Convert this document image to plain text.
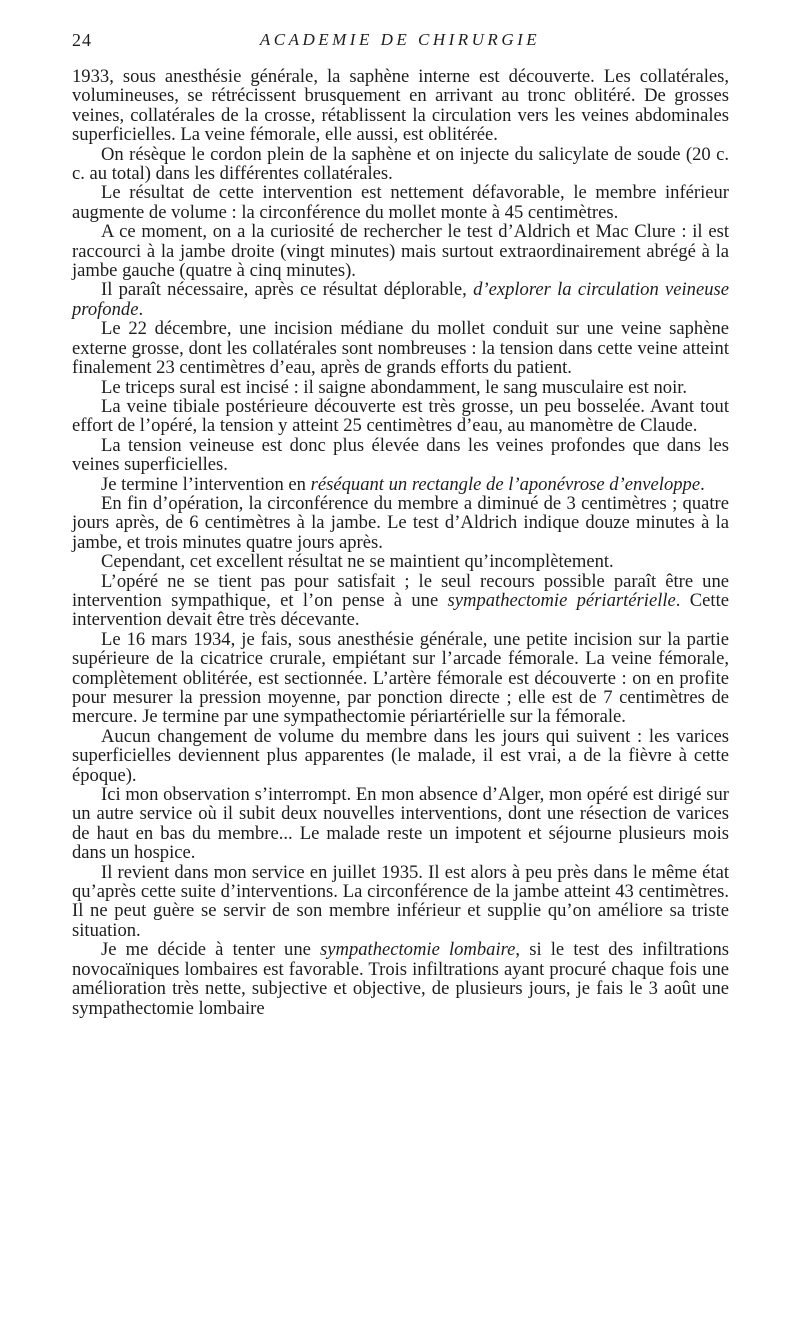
24	ACADEMIE DE CHIRURGIE

1933, sous anesthésie générale, la saphène interne est découverte. Les collatérales, volumineuses, se rétrécissent brusquement en arrivant au tronc oblitéré. De grosses veines, collatérales de la crosse, rétablissent la circulation vers les veines abdominales superficielles. La veine fémorale, elle aussi, est oblitérée.

On résèque le cordon plein de la saphène et on injecte du salicylate de soude (20 c. c. au total) dans les différentes collatérales.

Le résultat de cette intervention est nettement défavorable, le membre inférieur augmente de volume : la circonférence du mollet monte à 45 centimètres.

A ce moment, on a la curiosité de rechercher le test d’Aldrich et Mac Clure : il est raccourci à la jambe droite (vingt minutes) mais surtout extraordinairement abrégé à la jambe gauche (quatre à cinq minutes).

Il paraît nécessaire, après ce résultat déplorable, d’explorer la circulation veineuse profonde.

Le 22 décembre, une incision médiane du mollet conduit sur une veine saphène externe grosse, dont les collatérales sont nombreuses : la tension dans cette veine atteint finalement 23 centimètres d’eau, après de grands efforts du patient.

Le triceps sural est incisé : il saigne abondamment, le sang musculaire est noir.

La veine tibiale postérieure découverte est très grosse, un peu bosselée. Avant tout effort de l’opéré, la tension y atteint 25 centimètres d’eau, au manomètre de Claude.

La tension veineuse est donc plus élevée dans les veines profondes que dans les veines superficielles.

Je termine l’intervention en réséquant un rectangle de l’aponévrose d’enveloppe.

En fin d’opération, la circonférence du membre a diminué de 3 centimètres ; quatre jours après, de 6 centimètres à la jambe. Le test d’Aldrich indique douze minutes à la jambe, et trois minutes quatre jours après.

Cependant, cet excellent résultat ne se maintient qu’incomplètement.

L’opéré ne se tient pas pour satisfait ; le seul recours possible paraît être une intervention sympathique, et l’on pense à une sympathectomie périartérielle. Cette intervention devait être très décevante.

Le 16 mars 1934, je fais, sous anesthésie générale, une petite incision sur la partie supérieure de la cicatrice crurale, empiétant sur l’arcade fémorale. La veine fémorale, complètement oblitérée, est sectionnée. L’artère fémorale est découverte : on en profite pour mesurer la pression moyenne, par ponction directe ; elle est de 7 centimètres de mercure. Je termine par une sympathectomie périartérielle sur la fémorale.

Aucun changement de volume du membre dans les jours qui suivent : les varices superficielles deviennent plus apparentes (le malade, il est vrai, a de la fièvre à cette époque).

Ici mon observation s’interrompt. En mon absence d’Alger, mon opéré est dirigé sur un autre service où il subit deux nouvelles interventions, dont une résection de varices de haut en bas du membre... Le malade reste un impotent et séjourne plusieurs mois dans un hospice.

Il revient dans mon service en juillet 1935. Il est alors à peu près dans le même état qu’après cette suite d’interventions. La circonférence de la jambe atteint 43 centimètres. Il ne peut guère se servir de son membre inférieur et supplie qu’on améliore sa triste situation.

Je me décide à tenter une sympathectomie lombaire, si le test des infiltrations novocaïniques lombaires est favorable. Trois infiltrations ayant procuré chaque fois une amélioration très nette, subjective et objective, de plusieurs jours, je fais le 3 août une sympathectomie lombaire
